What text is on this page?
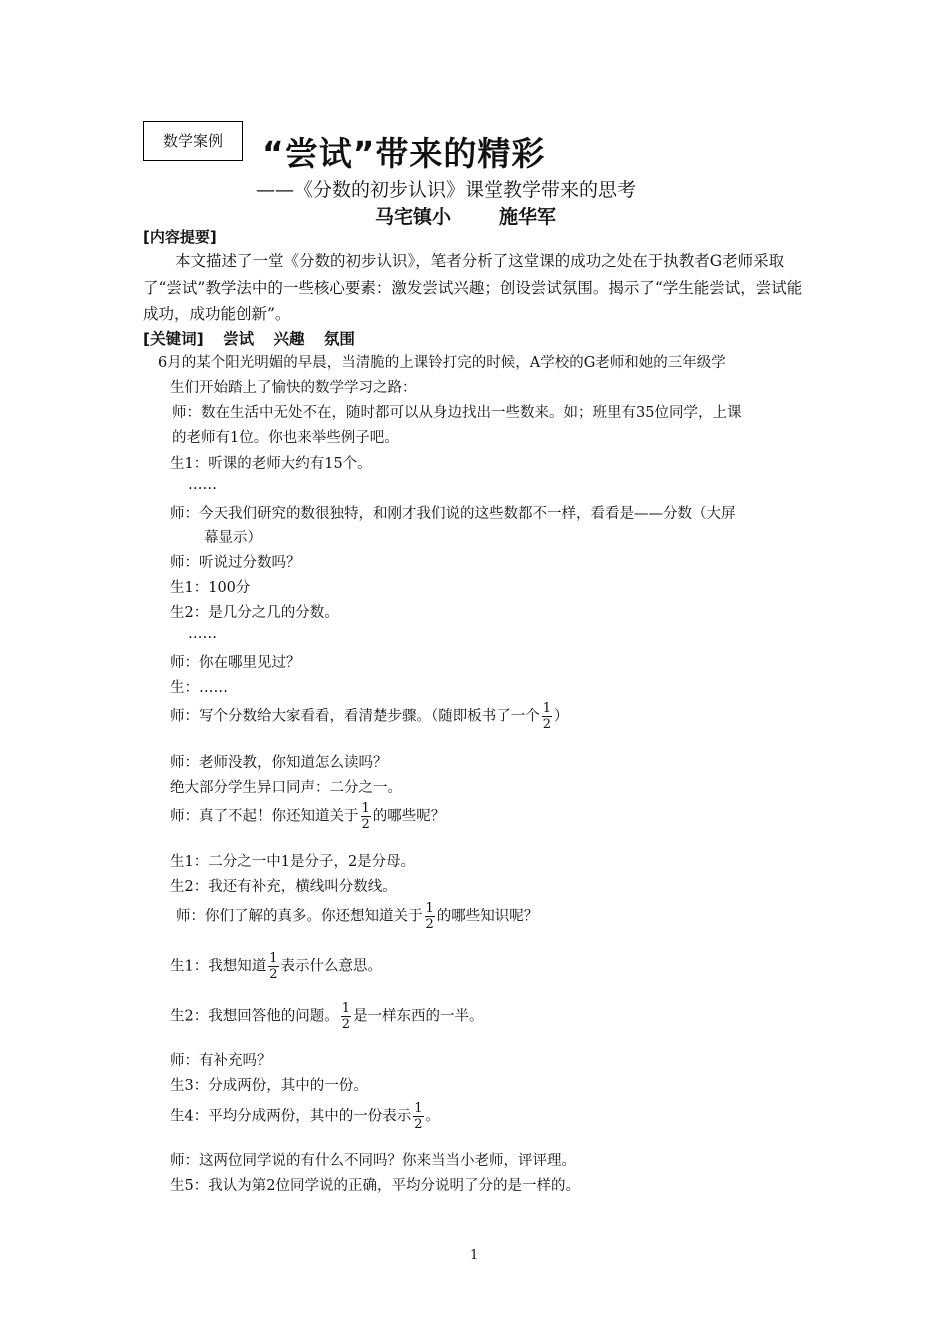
数学案例	“尝试”带来的精彩
——《分数的初步认识》课堂教学带来的思考
马宅镇小	施华军
[内容提要]
本文描述了一堂《分数的初步认识》，笔者分析了这堂课的成功之处在于执教者G老师采取了“尝试”教学法中的一些核心要素：激发尝试兴趣；创设尝试氛围。揭示了“学生能尝试，尝试能成功，成功能创新”。
[关键词] 尝试 兴趣 氛围
6月的某个阳光明媚的早晨，当清脆的上课铃打完的时候，A学校的G老师和她的三年级学
生们开始踏上了愉快的数学学习之路：
师：数在生活中无处不在，随时都可以从身边找出一些数来。如；班里有35位同学，上课
的老师有1位。你也来举些例子吧。
生1：听课的老师大约有15个。
……
师：今天我们研究的数很独特，和刚才我们说的这些数都不一样，看看是——分数（大屏
幕显示）
师：听说过分数吗？
生1：100分
生2：是几分之几的分数。
……
师：你在哪里见过？
生：……
师：写个分数给大家看看，看清楚步骤。（随即板书了一个 $\frac{1}{2}$ ）
师：老师没教，你知道怎么读吗？
绝大部分学生异口同声：二分之一。
师：真了不起！你还知道关于 $\frac{1}{2}$ 的哪些呢？
生1：二分之一中1是分子，2是分母。
生2：我还有补充，横线叫分数线。
师：你们了解的真多。你还想知道关于 $\frac{1}{2}$ 的哪些知识呢？
生1：我想知道 $\frac{1}{2}$ 表示什么意思。
生2：我想回答他的问题。 $\frac{1}{2}$ 是一样东西的一半。
师：有补充吗？
生3：分成两份，其中的一份。
生4：平均分成两份，其中的一份表示 $\frac{1}{2}$ 。
师：这两位同学说的有什么不同吗？你来当当小老师，评评理。
生5：我认为第2位同学说的正确，平均分说明了分的是一样的。
1
